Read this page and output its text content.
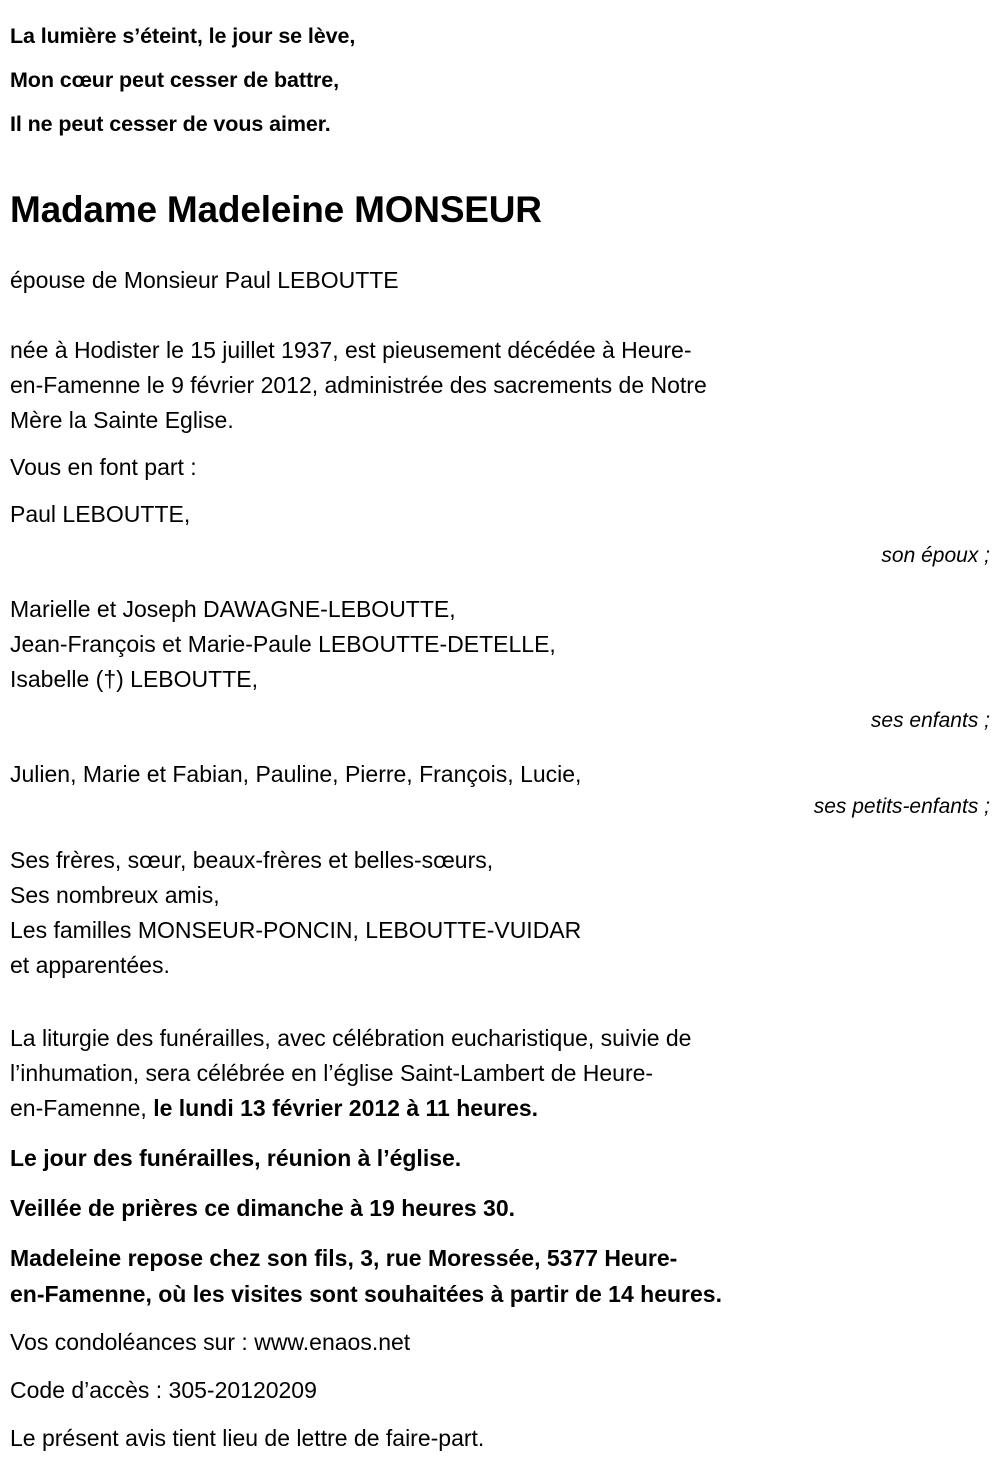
La lumière s’éteint, le jour se lève,
Mon cœur peut cesser de battre,
Il ne peut cesser de vous aimer.
Madame Madeleine MONSEUR
épouse de Monsieur Paul LEBOUTTE
née à Hodister le 15 juillet 1937, est pieusement décédée à Heure-
en-Famenne le 9 février 2012, administrée des sacrements de Notre
Mère la Sainte Eglise.
Vous en font part :
Paul LEBOUTTE,
son époux ;
Marielle et Joseph DAWAGNE-LEBOUTTE,
Jean-François et Marie-Paule LEBOUTTE-DETELLE,
Isabelle (†) LEBOUTTE,
ses enfants ;
Julien, Marie et Fabian, Pauline, Pierre, François, Lucie,
ses petits-enfants ;
Ses frères, sœur, beaux-frères et belles-sœurs,
Ses nombreux amis,
Les familles MONSEUR-PONCIN, LEBOUTTE-VUIDAR
et apparentées.
La liturgie des funérailles, avec célébration eucharistique, suivie de
l’inhumation, sera célébrée en l’église Saint-Lambert de Heure-
en-Famenne, le lundi 13 février 2012 à 11 heures.
Le jour des funérailles, réunion à l’église.
Veillée de prières ce dimanche à 19 heures 30.
Madeleine repose chez son fils, 3, rue Moressée, 5377 Heure-
en-Famenne, où les visites sont souhaitées à partir de 14 heures.
Vos condoléances sur : www.enaos.net
Code d’accès : 305-20120209
Le présent avis tient lieu de lettre de faire-part.
